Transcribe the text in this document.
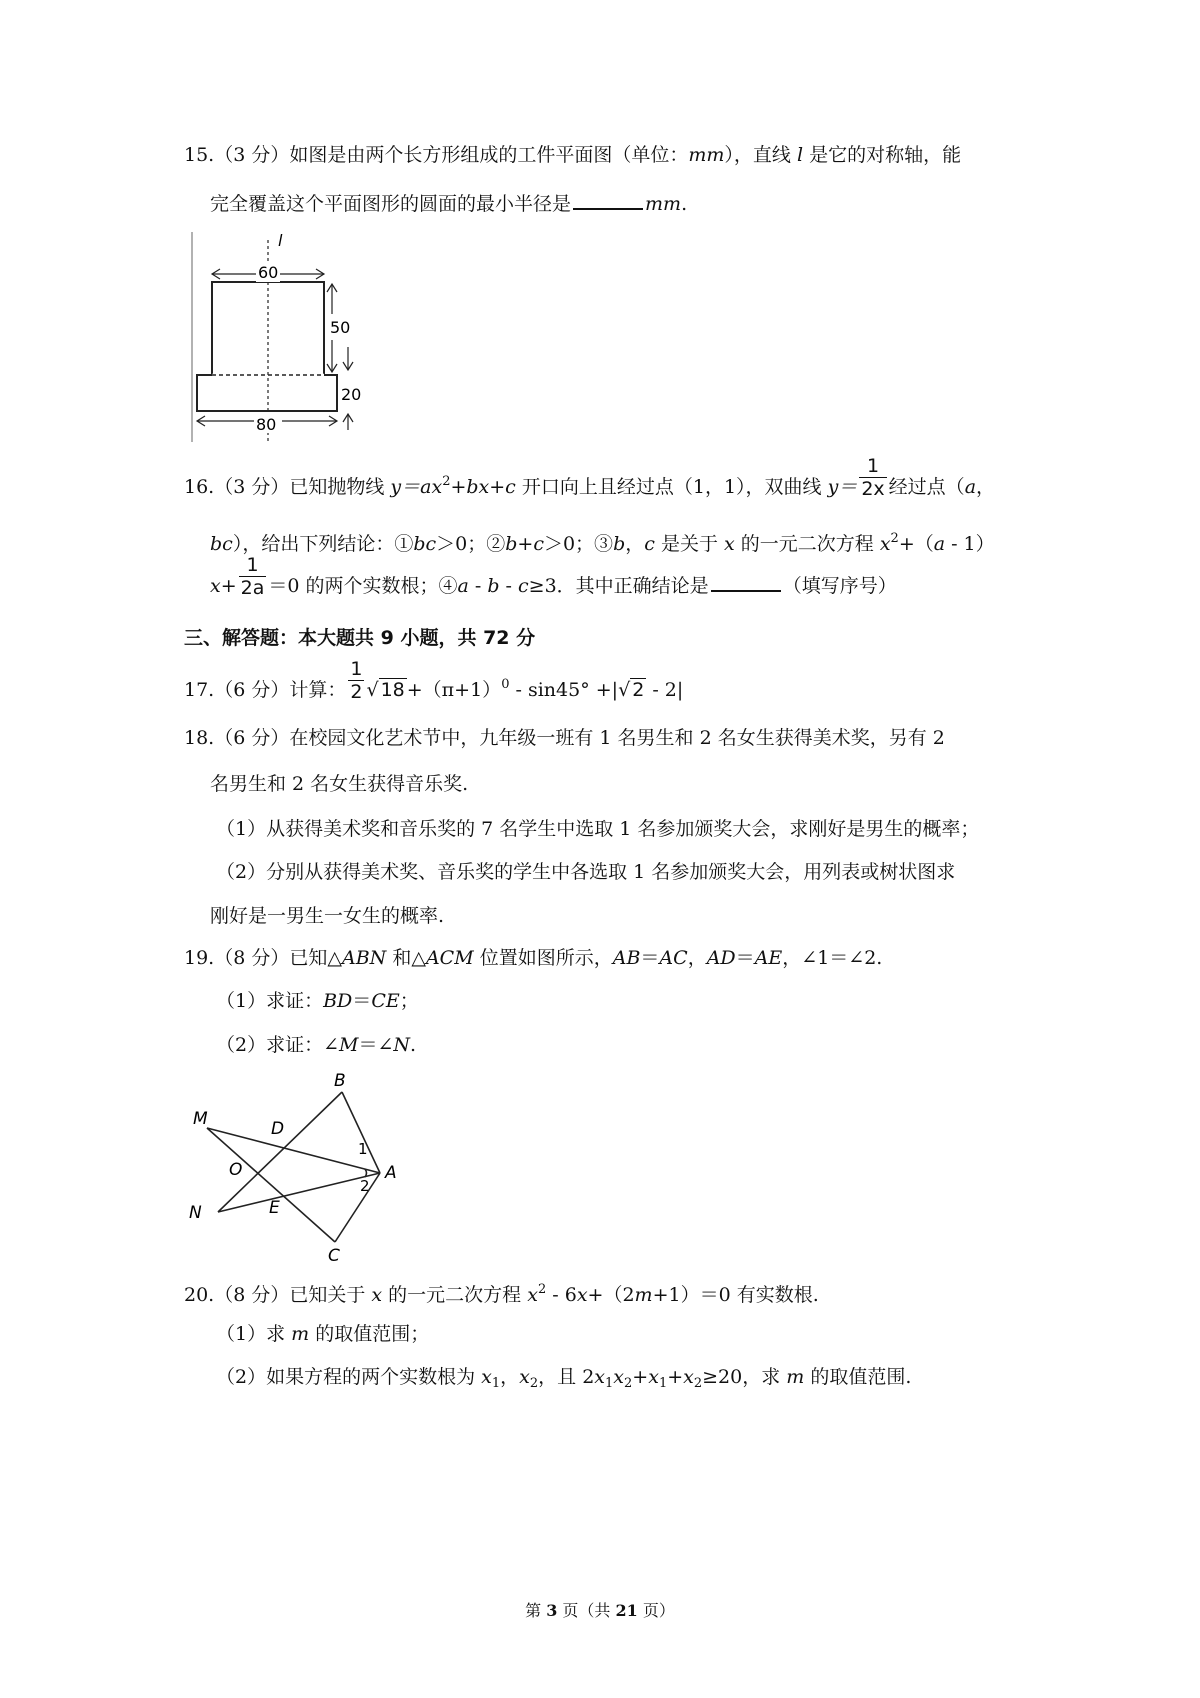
15.（3 分）如图是由两个长方形组成的工件平面图（单位：mm），直线 l 是它的对称轴，能
完全覆盖这个平面图形的圆面的最小半径是	mm.
l
60
50
20
80
16.（3 分）已知抛物线 $y=ax^2+bx+c$ 开口向上且经过点（1，1），双曲线 $y= \frac{1}{2x}$ 经过点（a，
bc），给出下列结论：①bc＞0；②b+c＞0；③b，c 是关于 x 的一元二次方程 $x^2+(a - 1)$
$x+ \frac{1}{2a} =0$ 的两个实数根；④a - b - c≥3．其中正确结论是	（填写序号）
三、解答题：本大题共 9 小题，共 72 分
17.（6 分）计算： $\frac{1}{2}$ √ $18 +(\pi+1)^0 - \sin 45^\circ$ +|√ 2 - 2|
18.（6 分）在校园文化艺术节中，九年级一班有 1 名男生和 2 名女生获得美术奖，另有 2
名男生和 2 名女生获得音乐奖.
（1）从获得美术奖和音乐奖的 7 名学生中选取 1 名参加颁奖大会，求刚好是男生的概率；
（2）分别从获得美术奖、音乐奖的学生中各选取 1 名参加颁奖大会，用列表或树状图求
刚好是一男生一女生的概率.
19.（8 分）已知△ABN 和△ACM 位置如图所示，AB＝AC，AD＝AE，∠1＝∠2.
（1）求证：BD＝CE；
（2）求证：∠M＝∠N.
B
M	D
1
O	A
2
N	E
C
20.（8 分）已知关于 x 的一元二次方程 $x^2 - 6x+(2m+1)=0$ 有实数根.
（1）求 m 的取值范围；
（2）如果方程的两个实数根为 $x_1$，$x_2$，且 $2x_1x_2+x_1+x_2\ge 20$，求 m 的取值范围.
第 3 页（共 21 页）
